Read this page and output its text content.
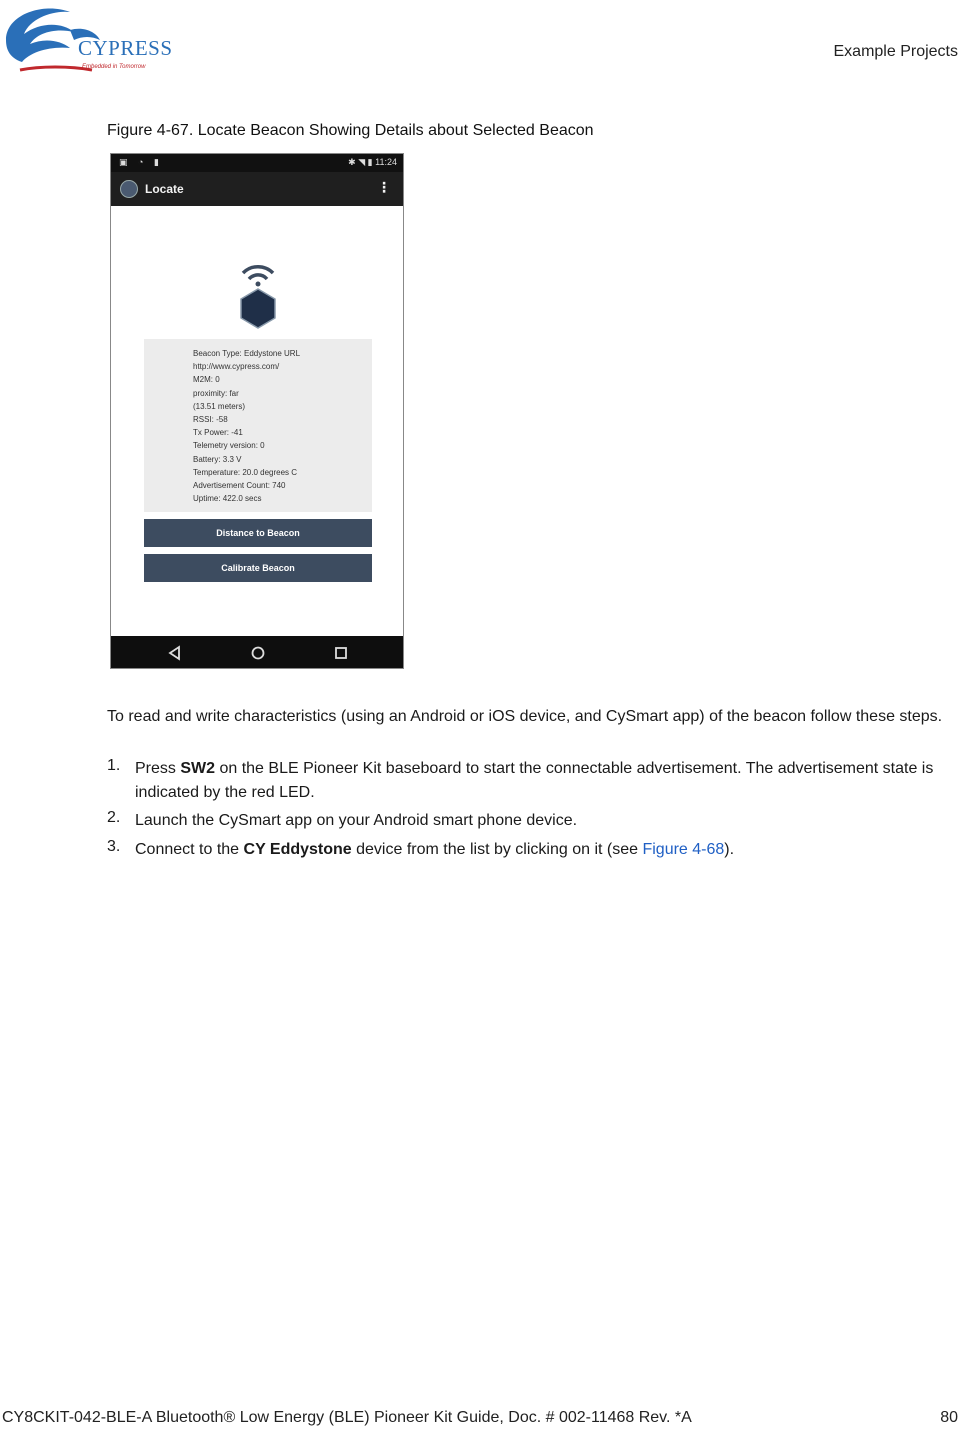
CYPRESS
Embedded in Tomorrow
Example Projects
Figure 4-67. Locate Beacon Showing Details about Selected Beacon
▣ ◔ ▮	✱ ◥ ▮ 11:24
Locate	⋮
Beacon Type: Eddystone URL
http://www.cypress.com/
M2M: 0
proximity: far
(13.51 meters)
RSSI: -58
Tx Power: -41
Telemetry version: 0
Battery: 3.3 V
Temperature: 20.0 degrees C
Advertisement Count: 740
Uptime: 422.0 secs
Distance to Beacon
Calibrate Beacon
To read and write characteristics (using an Android or iOS device, and CySmart app) of the beacon follow these steps.
1. Press SW2 on the BLE Pioneer Kit baseboard to start the connectable advertisement. The advertisement state is indicated by the red LED.
2. Launch the CySmart app on your Android smart phone device.
3. Connect to the CY Eddystone device from the list by clicking on it (see Figure 4-68).
CY8CKIT-042-BLE-A Bluetooth® Low Energy (BLE) Pioneer Kit Guide, Doc. # 002-11468 Rev. *A	80
